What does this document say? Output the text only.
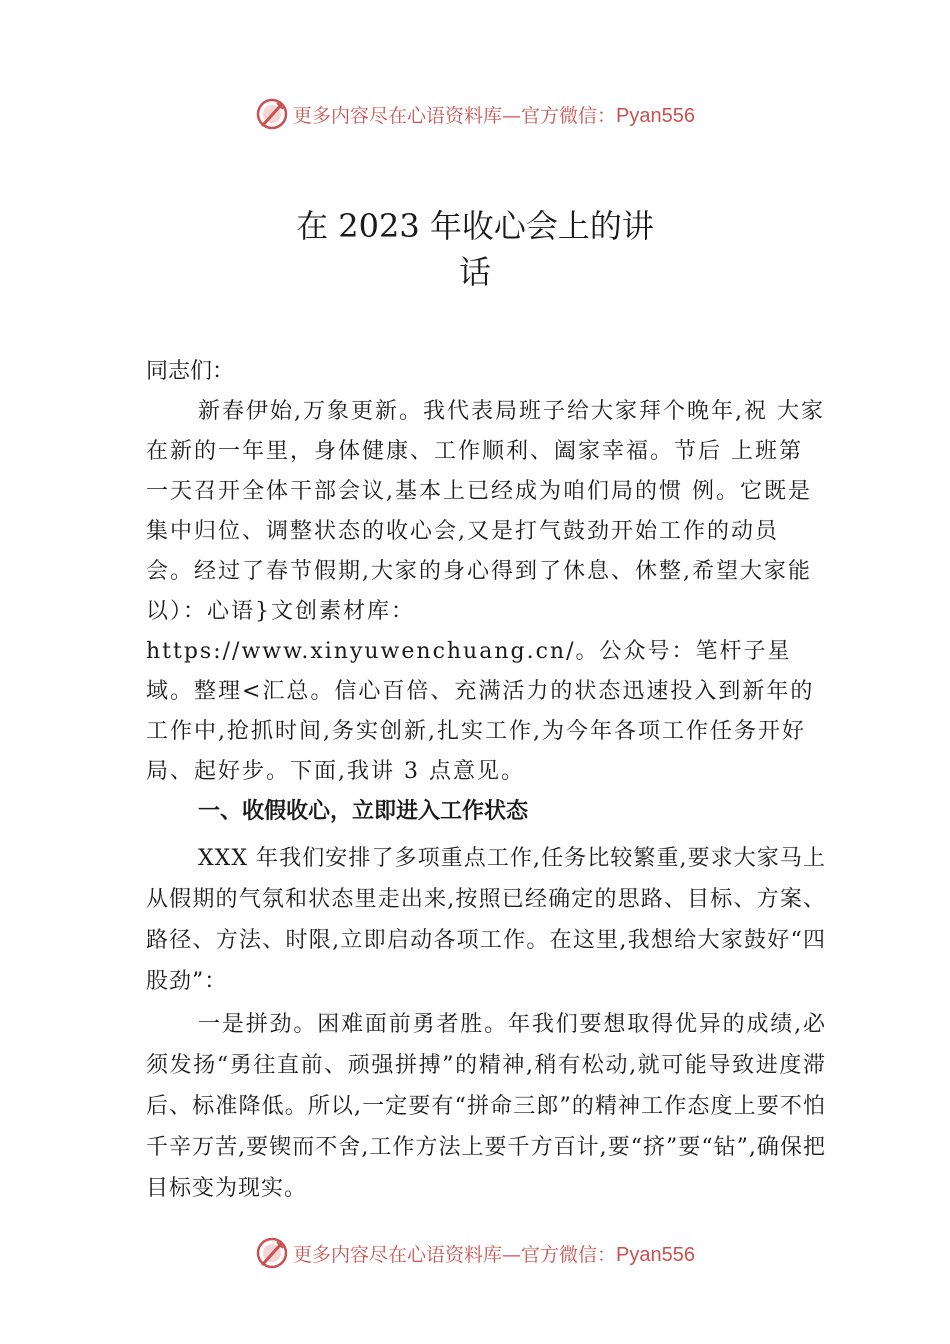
更多内容尽在心语资料库—官方微信：Pyan556
在 2023 年收心会上的讲
话

同志们：

新春伊始,万象更新。我代表局班子给大家拜个晚年,祝 大家在新的一年里，身体健康、工作顺利、阖家幸福。节后 上班第一天召开全体干部会议,基本上已经成为咱们局的惯 例。它既是集中归位、调整状态的收心会,又是打气鼓劲开始工作的动员会。经过了春节假期,大家的身心得到了休息、休整,希望大家能以）：心语}文创素材库：https://www.xinyuwenchuang.cn/。公众号：笔杆子星域。整理<汇总。信心百倍、充满活力的状态迅速投入到新年的工作中,抢抓时间,务实创新,扎实工作,为今年各项工作任务开好局、起好步。下面,我讲 3 点意见。

一、收假收心，立即进入工作状态

XXX 年我们安排了多项重点工作,任务比较繁重,要求大家马上从假期的气氛和状态里走出来,按照已经确定的思路、目标、方案、路径、方法、时限,立即启动各项工作。在这里,我想给大家鼓好“四股劲”：

一是拼劲。困难面前勇者胜。年我们要想取得优异的成绩,必须发扬“勇往直前、顽强拼搏”的精神,稍有松动,就可能导致进度滞后、标准降低。所以,一定要有“拼命三郎”的精神工作态度上要不怕千辛万苦,要锲而不舍,工作方法上要千方百计,要“挤”要“钻”,确保把目标变为现实。

更多内容尽在心语资料库—官方微信：Pyan556
